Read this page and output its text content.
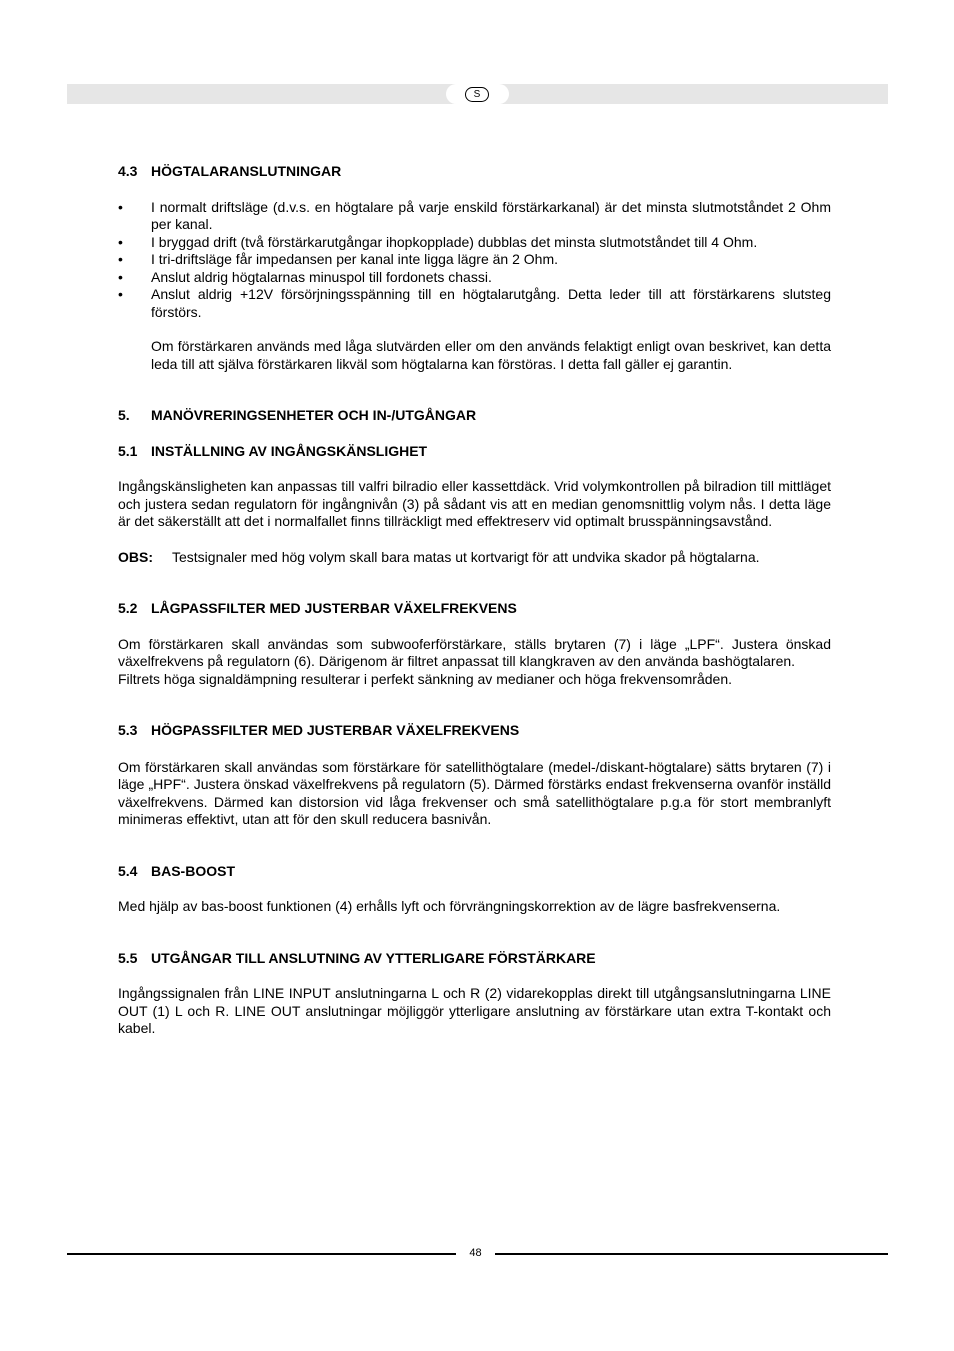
S
4.3 HÖGTALARANSLUTNINGAR
• I normalt driftsläge (d.v.s. en högtalare på varje enskild förstärkarkanal) är det minsta slutmotståndet 2 Ohm per kanal.
• I bryggad drift (två förstärkarutgångar ihopkopplade) dubblas det minsta slutmotståndet till 4 Ohm.
• I tri-driftsläge får impedansen per kanal inte ligga lägre än 2 Ohm.
• Anslut aldrig högtalarnas minuspol till fordonets chassi.
• Anslut aldrig +12V försörjningsspänning till en högtalarutgång. Detta leder till att förstärkarens slutsteg förstörs.

Om förstärkaren används med låga slutvärden eller om den används felaktigt enligt ovan beskrivet, kan detta leda till att själva förstärkaren likväl som högtalarna kan förstöras. I detta fall gäller ej garantin.

5. MANÖVRERINGSENHETER OCH IN-/UTGÅNGAR
5.1 INSTÄLLNING AV INGÅNGSKÄNSLIGHET

Ingångskänsligheten kan anpassas till valfri bilradio eller kassettdäck. Vrid volymkontrollen på bilradion till mittläget och justera sedan regulatorn för ingångnivån (3) på sådant vis att en median genomsnittlig volym nås. I detta läge är det säkerställt att det i normalfallet finns tillräckligt med effektreserv vid optimalt brusspänningsavstånd.

OBS: Testsignaler med hög volym skall bara matas ut kortvarigt för att undvika skador på högtalarna.

5.2 LÅGPASSFILTER MED JUSTERBAR VÄXELFREKVENS

Om förstärkaren skall användas som subwooferförstärkare, ställs brytaren (7) i läge „LPF“. Justera önskad växelfrekvens på regulatorn (6). Därigenom är filtret anpassat till klangkraven av den använda bashögtalaren.

Filtrets höga signaldämpning resulterar i perfekt sänkning av medianer och höga frekvensområden.

5.3 HÖGPASSFILTER MED JUSTERBAR VÄXELFREKVENS

Om förstärkaren skall användas som förstärkare för satellithögtalare (medel-/diskant-högtalare) sätts brytaren (7) i läge „HPF“. Justera önskad växelfrekvens på regulatorn (5). Därmed förstärks endast frekvenserna ovanför inställd växelfrekvens. Därmed kan distorsion vid låga frekvenser och små satellithögtalare p.g.a för stort membranlyft minimeras effektivt, utan att för den skull reducera basnivån.

5.4 BAS-BOOST

Med hjälp av bas-boost funktionen (4) erhålls lyft och förvrängningskorrektion av de lägre basfrekvenserna.

5.5 UTGÅNGAR TILL ANSLUTNING AV YTTERLIGARE FÖRSTÄRKARE

Ingångssignalen från LINE INPUT anslutningarna L och R (2) vidarekopplas direkt till utgångsanslutningarna LINE OUT (1) L och R. LINE OUT anslutningar möjliggör ytterligare anslutning av förstärkare utan extra T-kontakt och kabel.

48
